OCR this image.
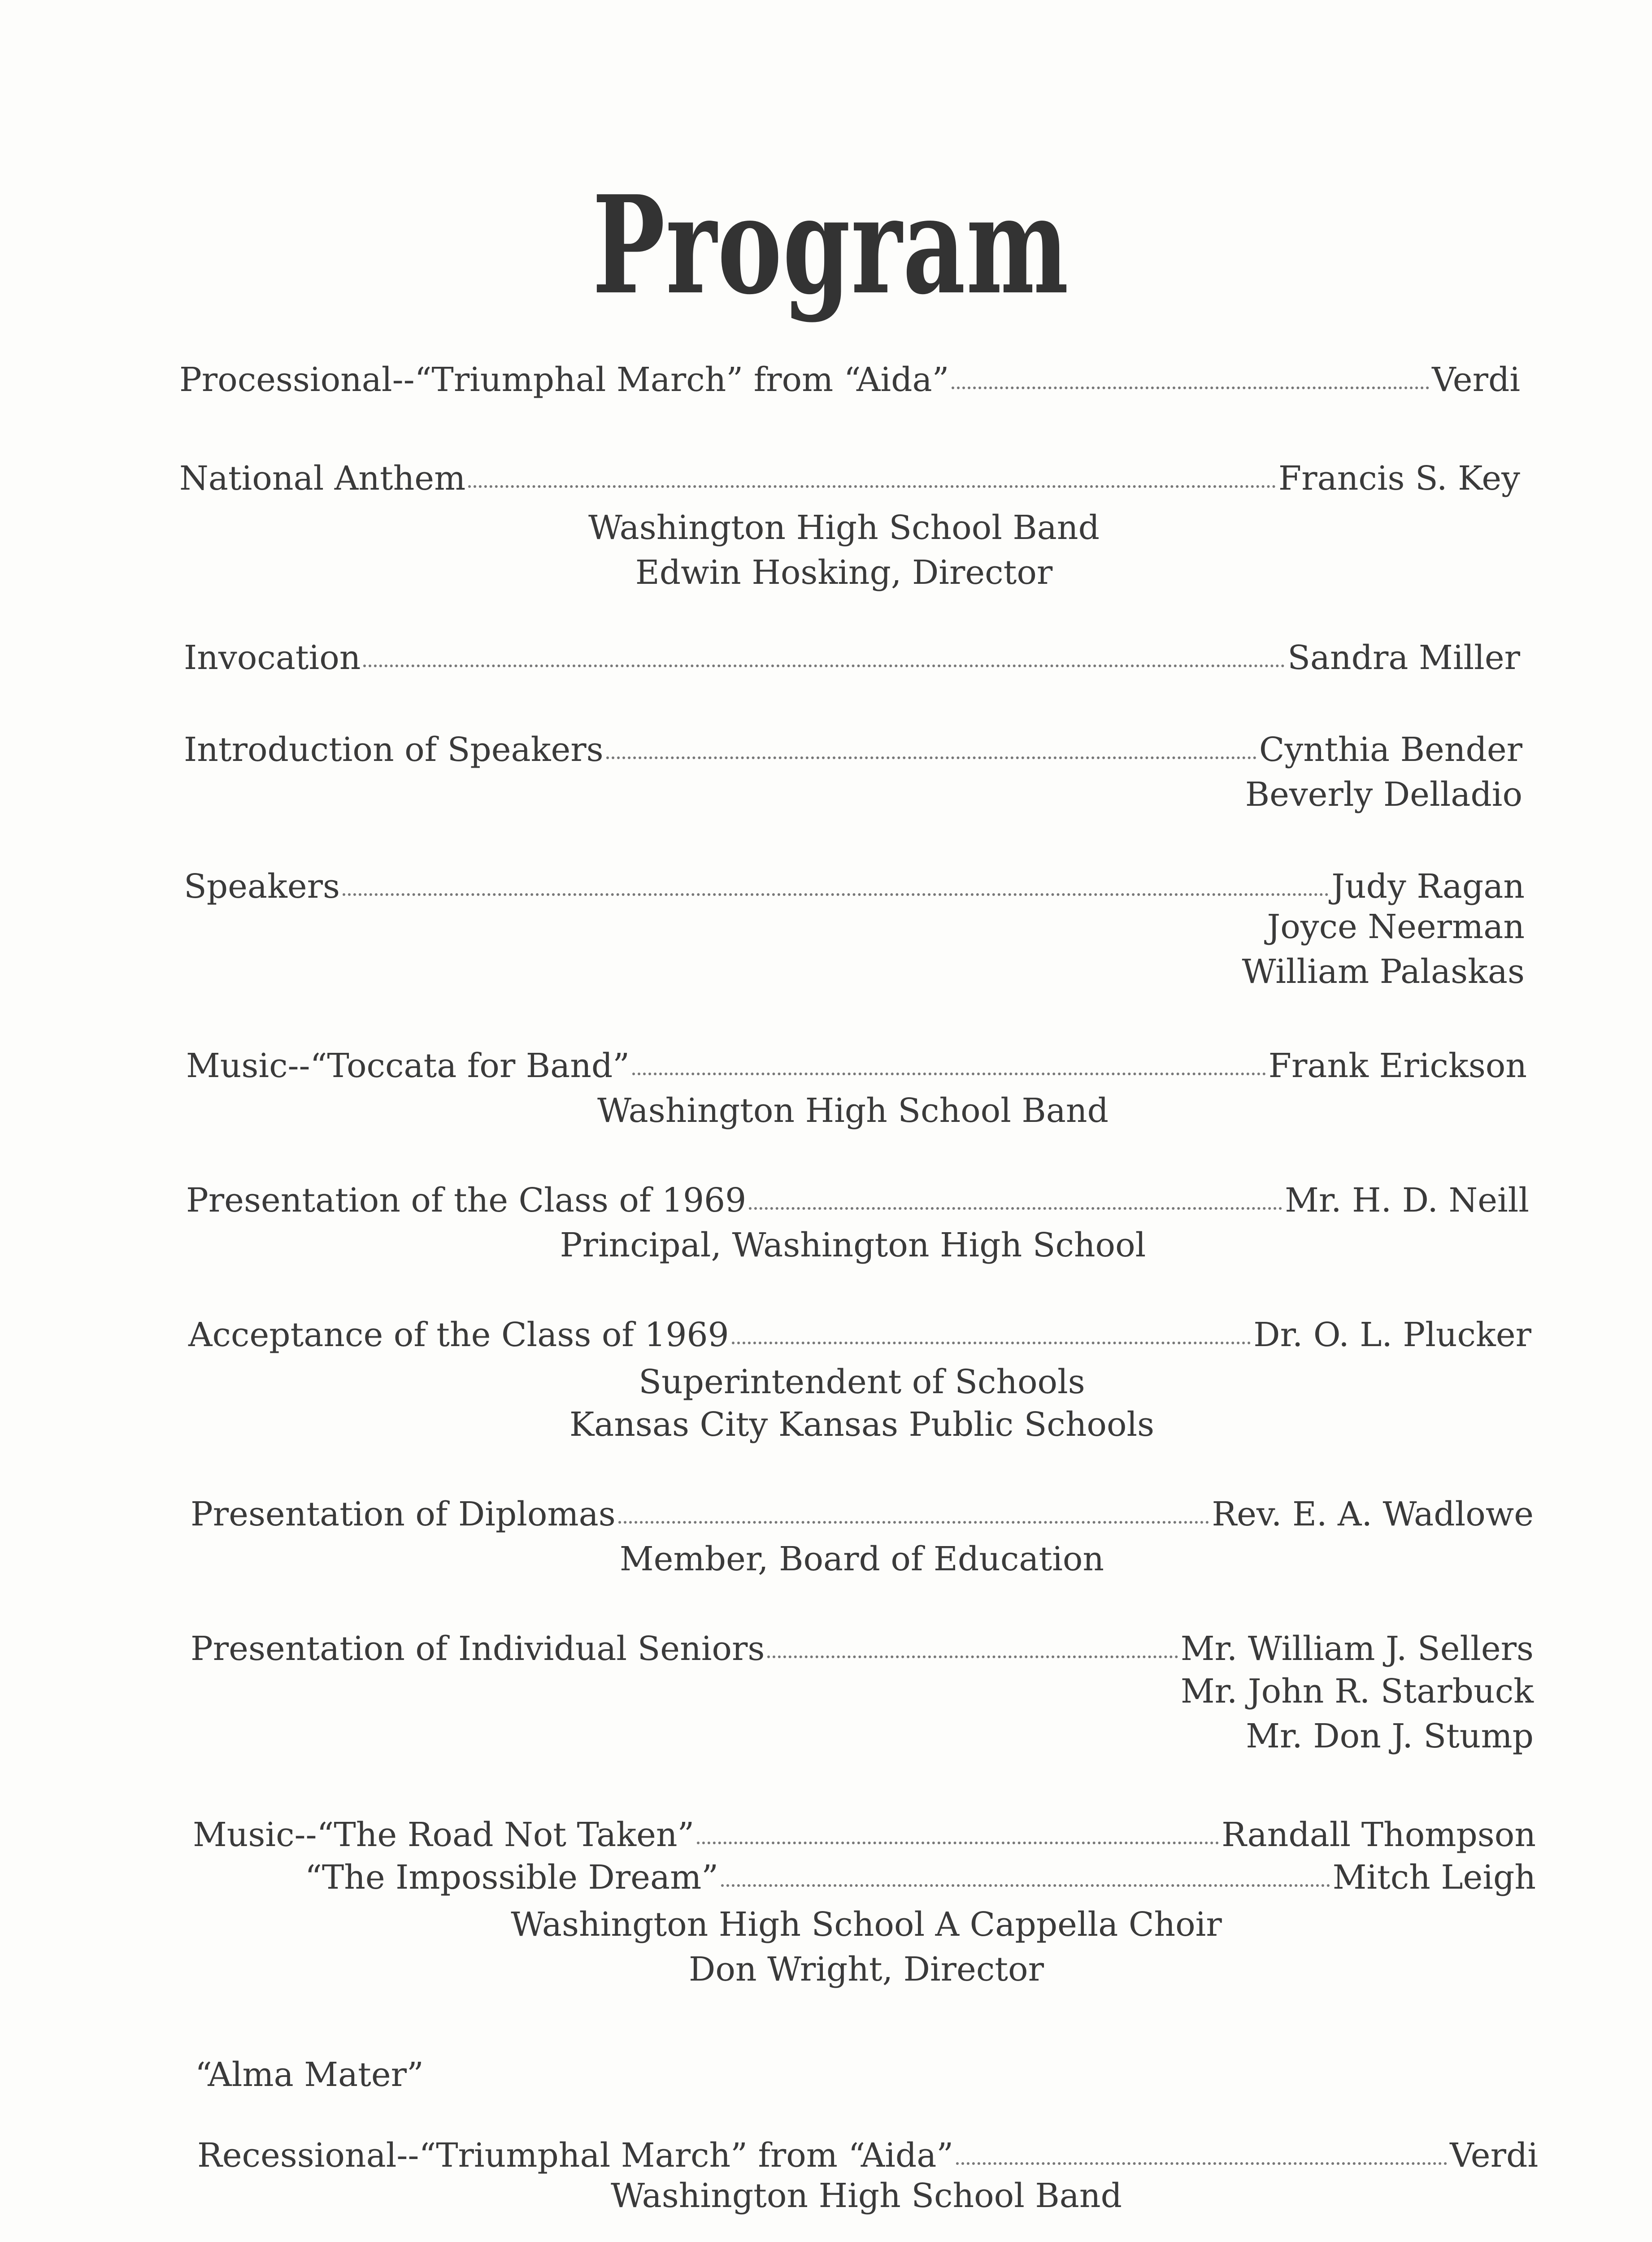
Program
Processional--“Triumphal March” from “Aida”	Verdi
National Anthem	Francis S. Key
Washington High School Band
Edwin Hosking, Director
Invocation	Sandra Miller
Introduction of Speakers	Cynthia Bender
Beverly Delladio
Speakers	Judy Ragan
Joyce Neerman
William Palaskas
Music--“Toccata for Band”	Frank Erickson
Washington High School Band
Presentation of the Class of 1969	Mr. H. D. Neill
Principal, Washington High School
Acceptance of the Class of 1969	Dr. O. L. Plucker
Superintendent of Schools
Kansas City Kansas Public Schools
Presentation of Diplomas	Rev. E. A. Wadlowe
Member, Board of Education
Presentation of Individual Seniors	Mr. William J. Sellers
Mr. John R. Starbuck
Mr. Don J. Stump
Music--“The Road Not Taken”	Randall Thompson
“The Impossible Dream”	Mitch Leigh
Washington High School A Cappella Choir
Don Wright, Director
“Alma Mater”
Recessional--“Triumphal March” from “Aida”	Verdi
Washington High School Band
